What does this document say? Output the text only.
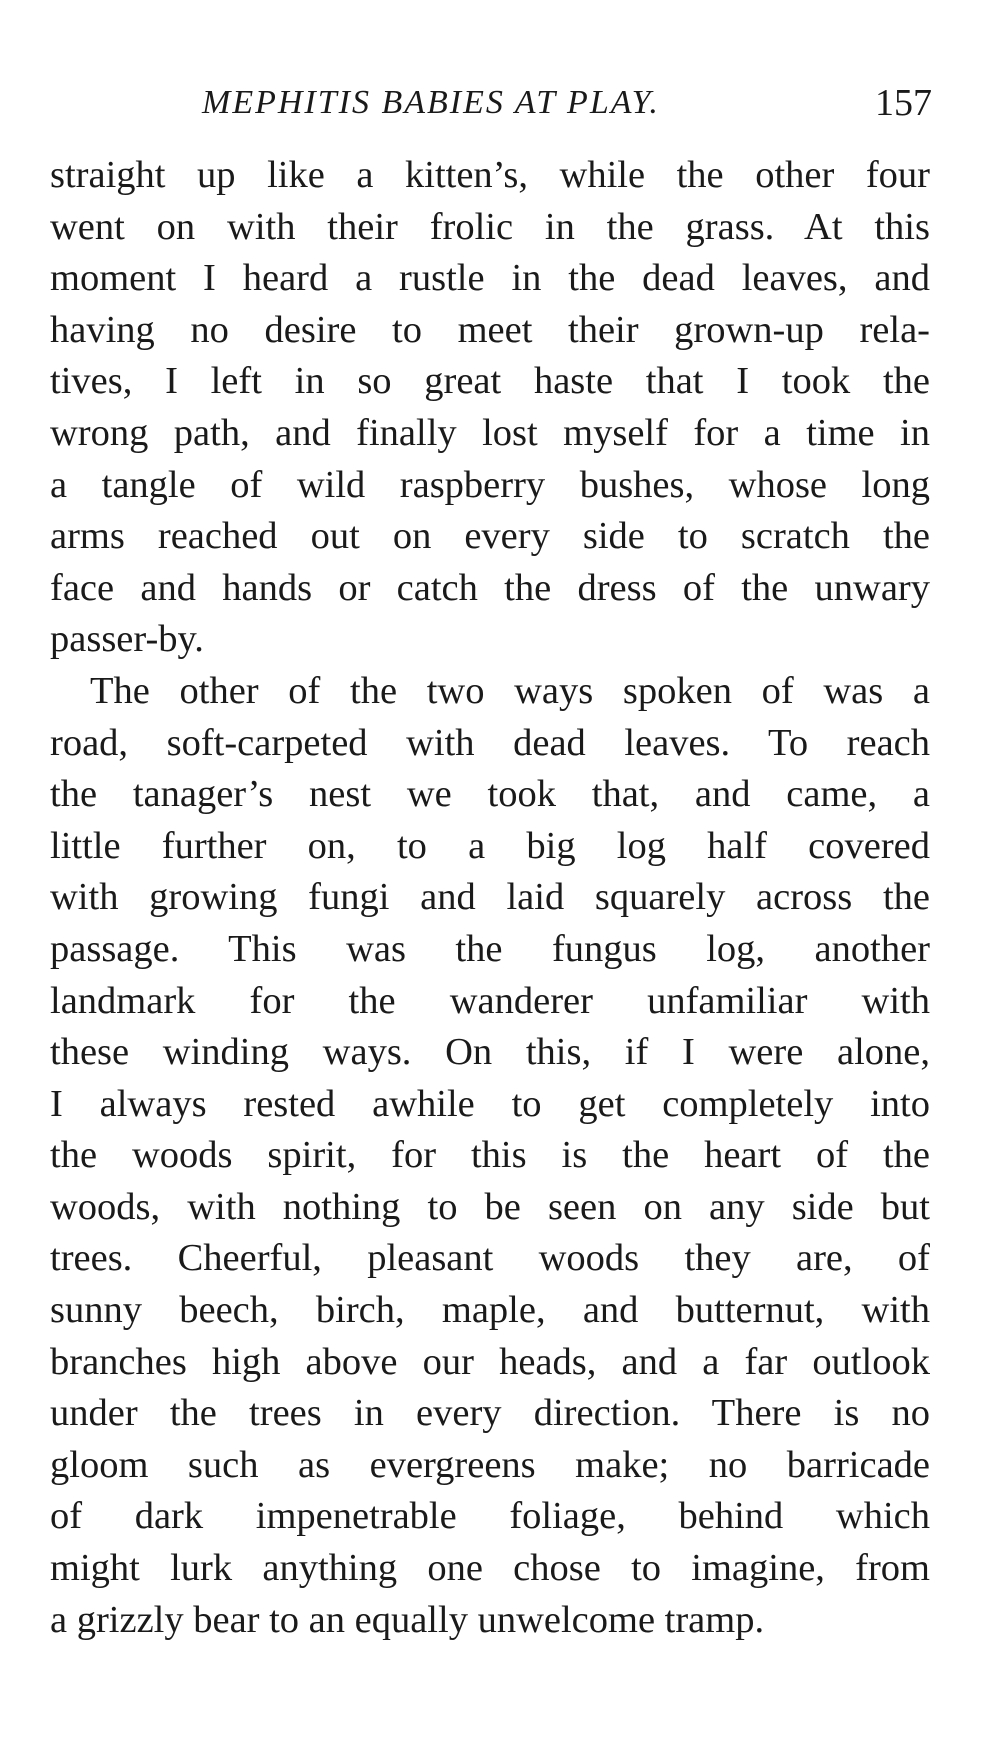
MEPHITIS BABIES AT PLAY.	157
straight up like a kitten’s, while the other four
went on with their frolic in the grass. At this
moment I heard a rustle in the dead leaves, and
having no desire to meet their grown-up rela-
tives, I left in so great haste that I took the
wrong path, and finally lost myself for a time in
a tangle of wild raspberry bushes, whose long
arms reached out on every side to scratch the
face and hands or catch the dress of the unwary
passer-by.
The other of the two ways spoken of was a
road, soft-carpeted with dead leaves. To reach
the tanager’s nest we took that, and came, a
little further on, to a big log half covered
with growing fungi and laid squarely across the
passage. This was the fungus log, another
landmark for the wanderer unfamiliar with
these winding ways. On this, if I were alone,
I always rested awhile to get completely into
the woods spirit, for this is the heart of the
woods, with nothing to be seen on any side but
trees. Cheerful, pleasant woods they are, of
sunny beech, birch, maple, and butternut, with
branches high above our heads, and a far outlook
under the trees in every direction. There is no
gloom such as evergreens make; no barricade
of dark impenetrable foliage, behind which
might lurk anything one chose to imagine, from
a grizzly bear to an equally unwelcome tramp.
